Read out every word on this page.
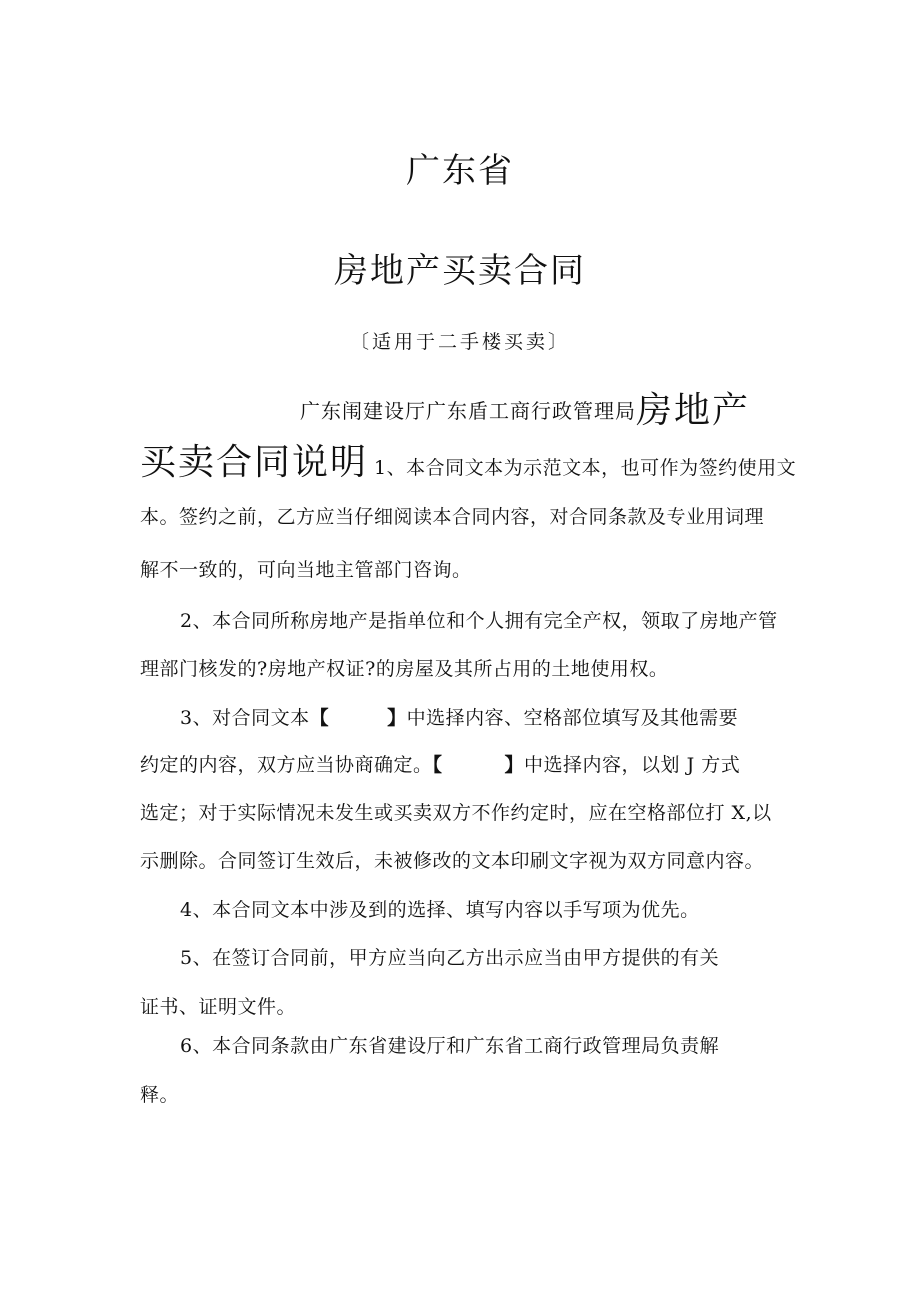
广东省
房地产买卖合同
〔适用于二手楼买卖〕
广东闱建设厅广东盾工商行政管理局房地产
买卖合同说明 1、本合同文本为示范文本，也可作为签约使用文
本。签约之前，乙方应当仔细阅读本合同内容，对合同条款及专业用词理
解不一致的，可向当地主管部门咨询。
2、本合同所称房地产是指单位和个人拥有完全产权，领取了房地产管
理部门核发的?房地产权证?的房屋及其所占用的土地使用权。
3、对合同文本【	】中选择内容、空格部位填写及其他需要
约定的内容，双方应当协商确定。【	】中选择内容，以划 J 方式
选定；对于实际情况未发生或买卖双方不作约定时，应在空格部位打 X,以
示删除。合同签订生效后，未被修改的文本印刷文字视为双方同意内容。
4、本合同文本中涉及到的选择、填写内容以手写项为优先。
5、在签订合同前，甲方应当向乙方出示应当由甲方提供的有关
证书、证明文件。
6、本合同条款由广东省建设厅和广东省工商行政管理局负责解
释。
